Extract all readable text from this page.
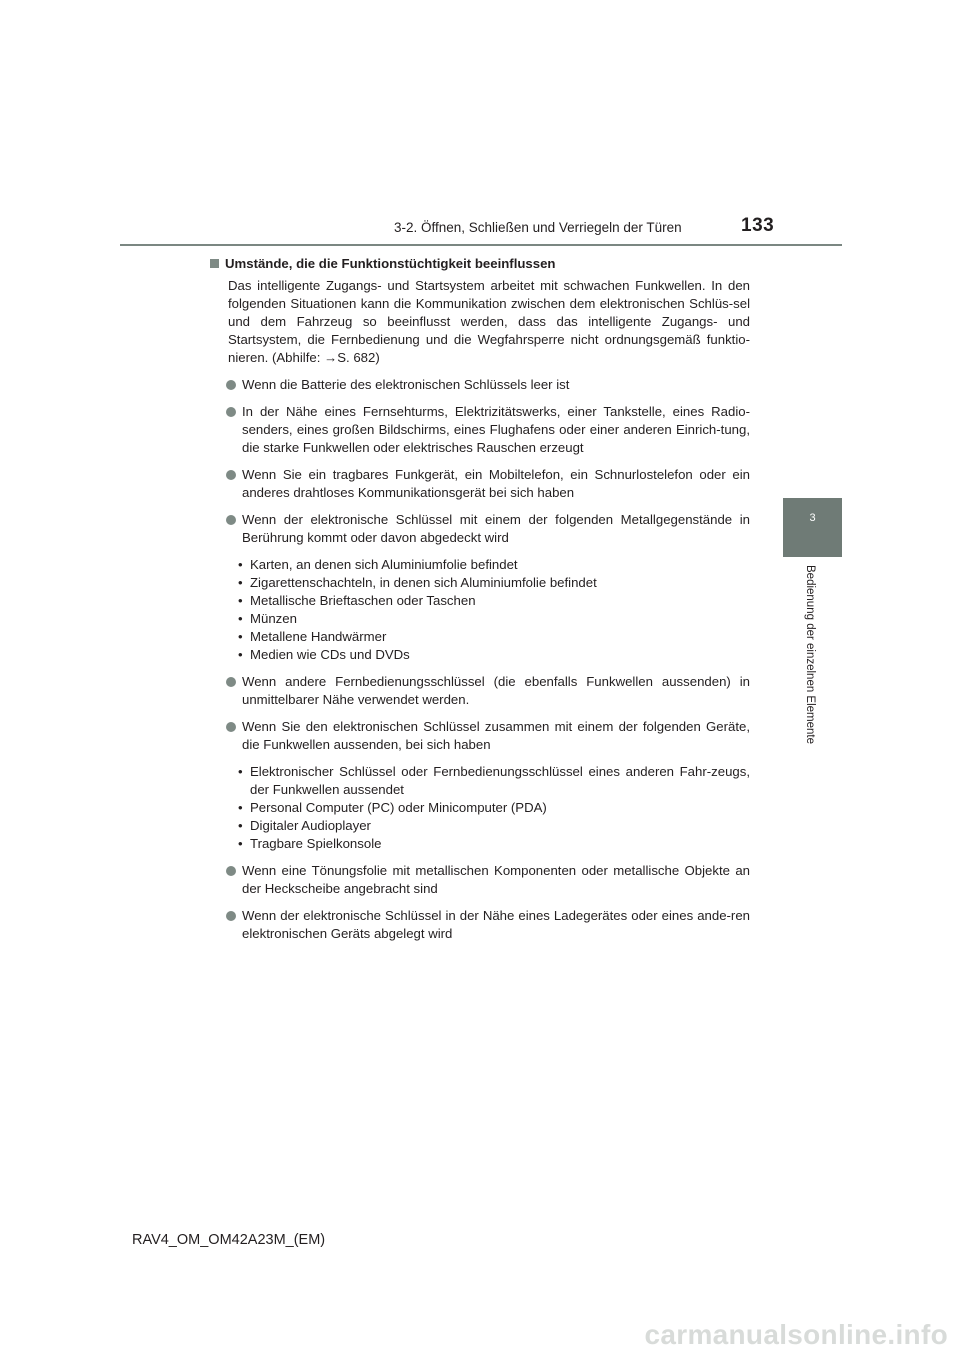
3-2. Öffnen, Schließen und Verriegeln der Türen	133
3
Bedienung der einzelnen Elemente
Umstände, die die Funktionstüchtigkeit beeinflussen

Das intelligente Zugangs- und Startsystem arbeitet mit schwachen Funkwellen. In den folgenden Situationen kann die Kommunikation zwischen dem elektronischen Schlüs-sel und dem Fahrzeug so beeinflusst werden, dass das intelligente Zugangs- und Startsystem, die Fernbedienung und die Wegfahrsperre nicht ordnungsgemäß funktio-nieren. (Abhilfe: →S. 682)

Wenn die Batterie des elektronischen Schlüssels leer ist
In der Nähe eines Fernsehturms, Elektrizitätswerks, einer Tankstelle, eines Radio-senders, eines großen Bildschirms, eines Flughafens oder einer anderen Einrich-tung, die starke Funkwellen oder elektrisches Rauschen erzeugt
Wenn Sie ein tragbares Funkgerät, ein Mobiltelefon, ein Schnurlostelefon oder ein anderes drahtloses Kommunikationsgerät bei sich haben
Wenn der elektronische Schlüssel mit einem der folgenden Metallgegenstände in Berührung kommt oder davon abgedeckt wird
• Karten, an denen sich Aluminiumfolie befindet
• Zigarettenschachteln, in denen sich Aluminiumfolie befindet
• Metallische Brieftaschen oder Taschen
• Münzen
• Metallene Handwärmer
• Medien wie CDs und DVDs
Wenn andere Fernbedienungsschlüssel (die ebenfalls Funkwellen aussenden) in unmittelbarer Nähe verwendet werden.
Wenn Sie den elektronischen Schlüssel zusammen mit einem der folgenden Geräte, die Funkwellen aussenden, bei sich haben
• Elektronischer Schlüssel oder Fernbedienungsschlüssel eines anderen Fahr-zeugs, der Funkwellen aussendet
• Personal Computer (PC) oder Minicomputer (PDA)
• Digitaler Audioplayer
• Tragbare Spielkonsole
Wenn eine Tönungsfolie mit metallischen Komponenten oder metallische Objekte an der Heckscheibe angebracht sind
Wenn der elektronische Schlüssel in der Nähe eines Ladegerätes oder eines ande-ren elektronischen Geräts abgelegt wird
RAV4_OM_OM42A23M_(EM)
carmanualsonline.info
